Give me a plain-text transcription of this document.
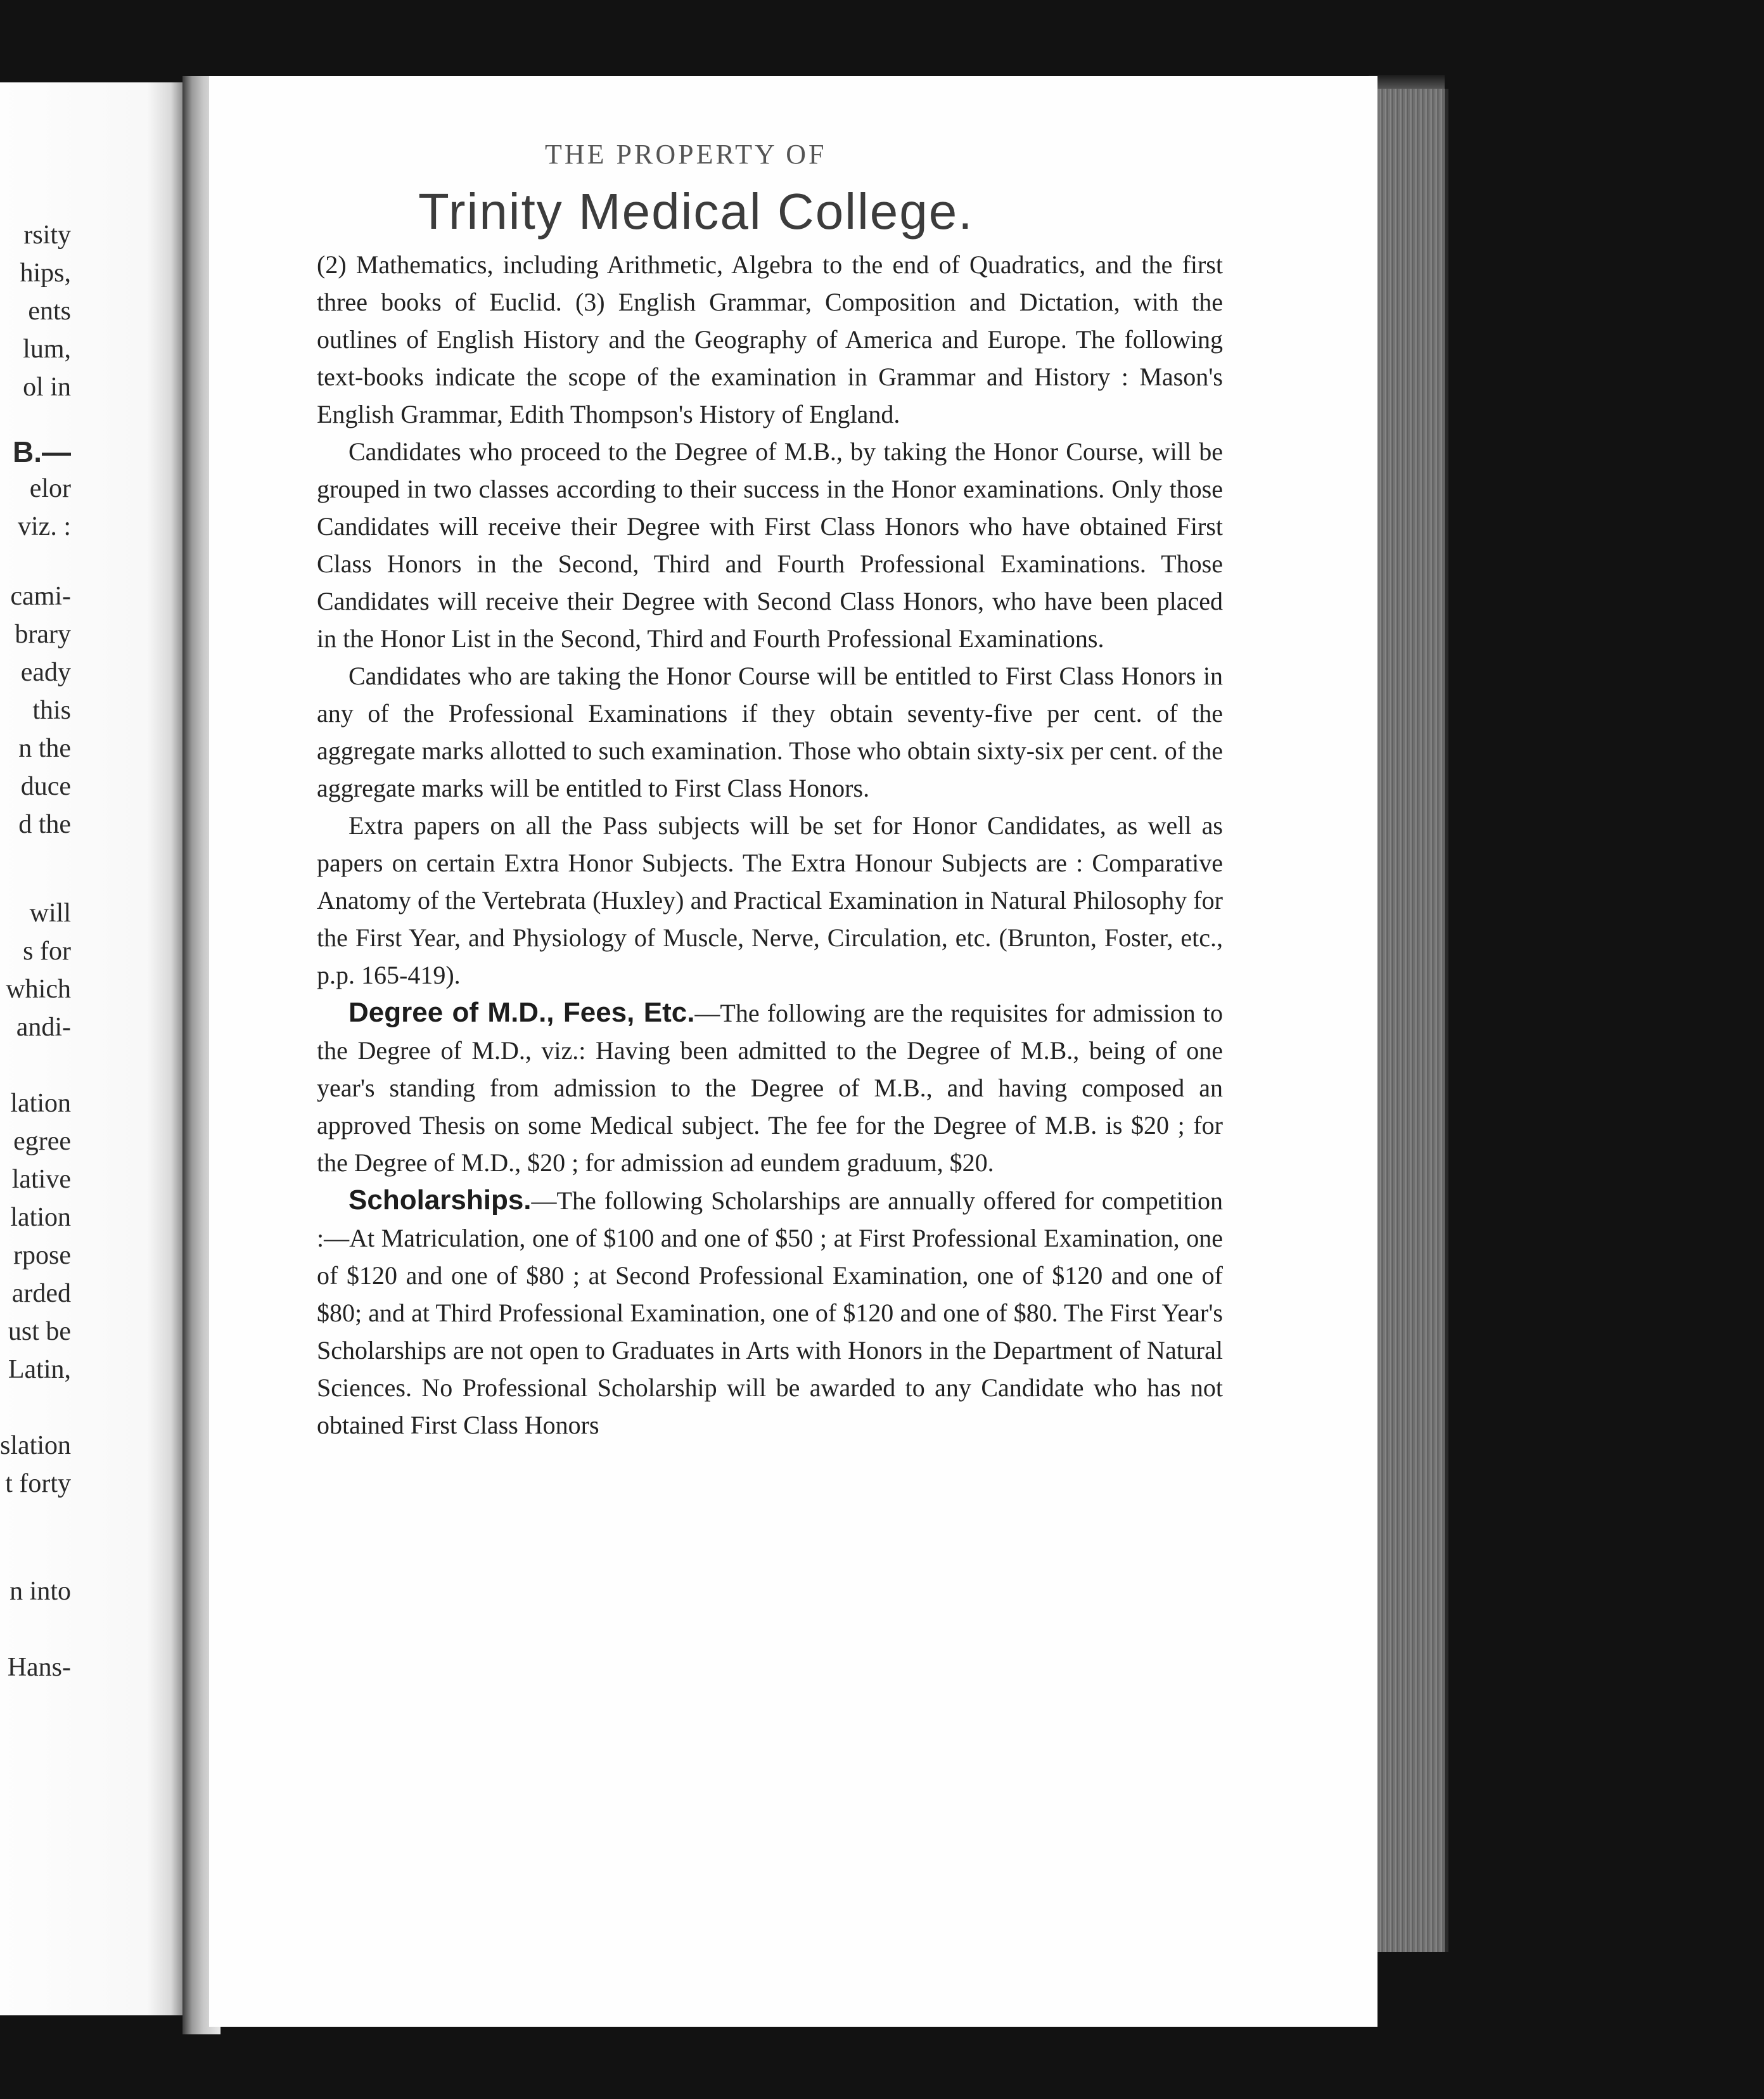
rsity
hips,
ents
lum,
ol in
B.—
elor
viz. :
cami-
brary
eady
this
n the
duce
d the
will
s for
which
andi-
lation
egree
lative
lation
rpose
arded
ust be
Latin,
slation
t forty
n into
Hans-
THE PROPERTY OF
Trinity Medical College.

(2) Mathematics, including Arithmetic, Algebra to the end of Quadratics, and the first three books of Euclid. (3) English Grammar, Composition and Dictation, with the outlines of English History and the Geography of America and Europe. The following text-books indicate the scope of the examination in Grammar and History : Mason's English Grammar, Edith Thompson's History of England.

Candidates who proceed to the Degree of M.B., by taking the Honor Course, will be grouped in two classes according to their success in the Honor examinations. Only those Candidates will receive their Degree with First Class Honors who have obtained First Class Honors in the Second, Third and Fourth Professional Examinations. Those Candidates will receive their Degree with Second Class Honors, who have been placed in the Honor List in the Second, Third and Fourth Professional Examinations.

Candidates who are taking the Honor Course will be entitled to First Class Honors in any of the Professional Examinations if they obtain seventy-five per cent. of the aggregate marks allotted to such examination. Those who obtain sixty-six per cent. of the aggregate marks will be entitled to First Class Honors.

Extra papers on all the Pass subjects will be set for Honor Candidates, as well as papers on certain Extra Honor Subjects. The Extra Honour Subjects are : Comparative Anatomy of the Vertebrata (Huxley) and Practical Examination in Natural Philosophy for the First Year, and Physiology of Muscle, Nerve, Circulation, etc. (Brunton, Foster, etc., p.p. 165-419).

Degree of M.D., Fees, Etc.—The following are the requisites for admission to the Degree of M.D., viz.: Having been admitted to the Degree of M.B., being of one year's standing from admission to the Degree of M.B., and having composed an approved Thesis on some Medical subject. The fee for the Degree of M.B. is $20 ; for the Degree of M.D., $20 ; for admission ad eundem graduum, $20.

Scholarships.—The following Scholarships are annually offered for competition :—At Matriculation, one of $100 and one of $50 ; at First Professional Examination, one of $120 and one of $80 ; at Second Professional Examination, one of $120 and one of $80; and at Third Professional Examination, one of $120 and one of $80. The First Year's Scholarships are not open to Graduates in Arts with Honors in the Department of Natural Sciences. No Professional Scholarship will be awarded to any Candidate who has not obtained First Class Honors
